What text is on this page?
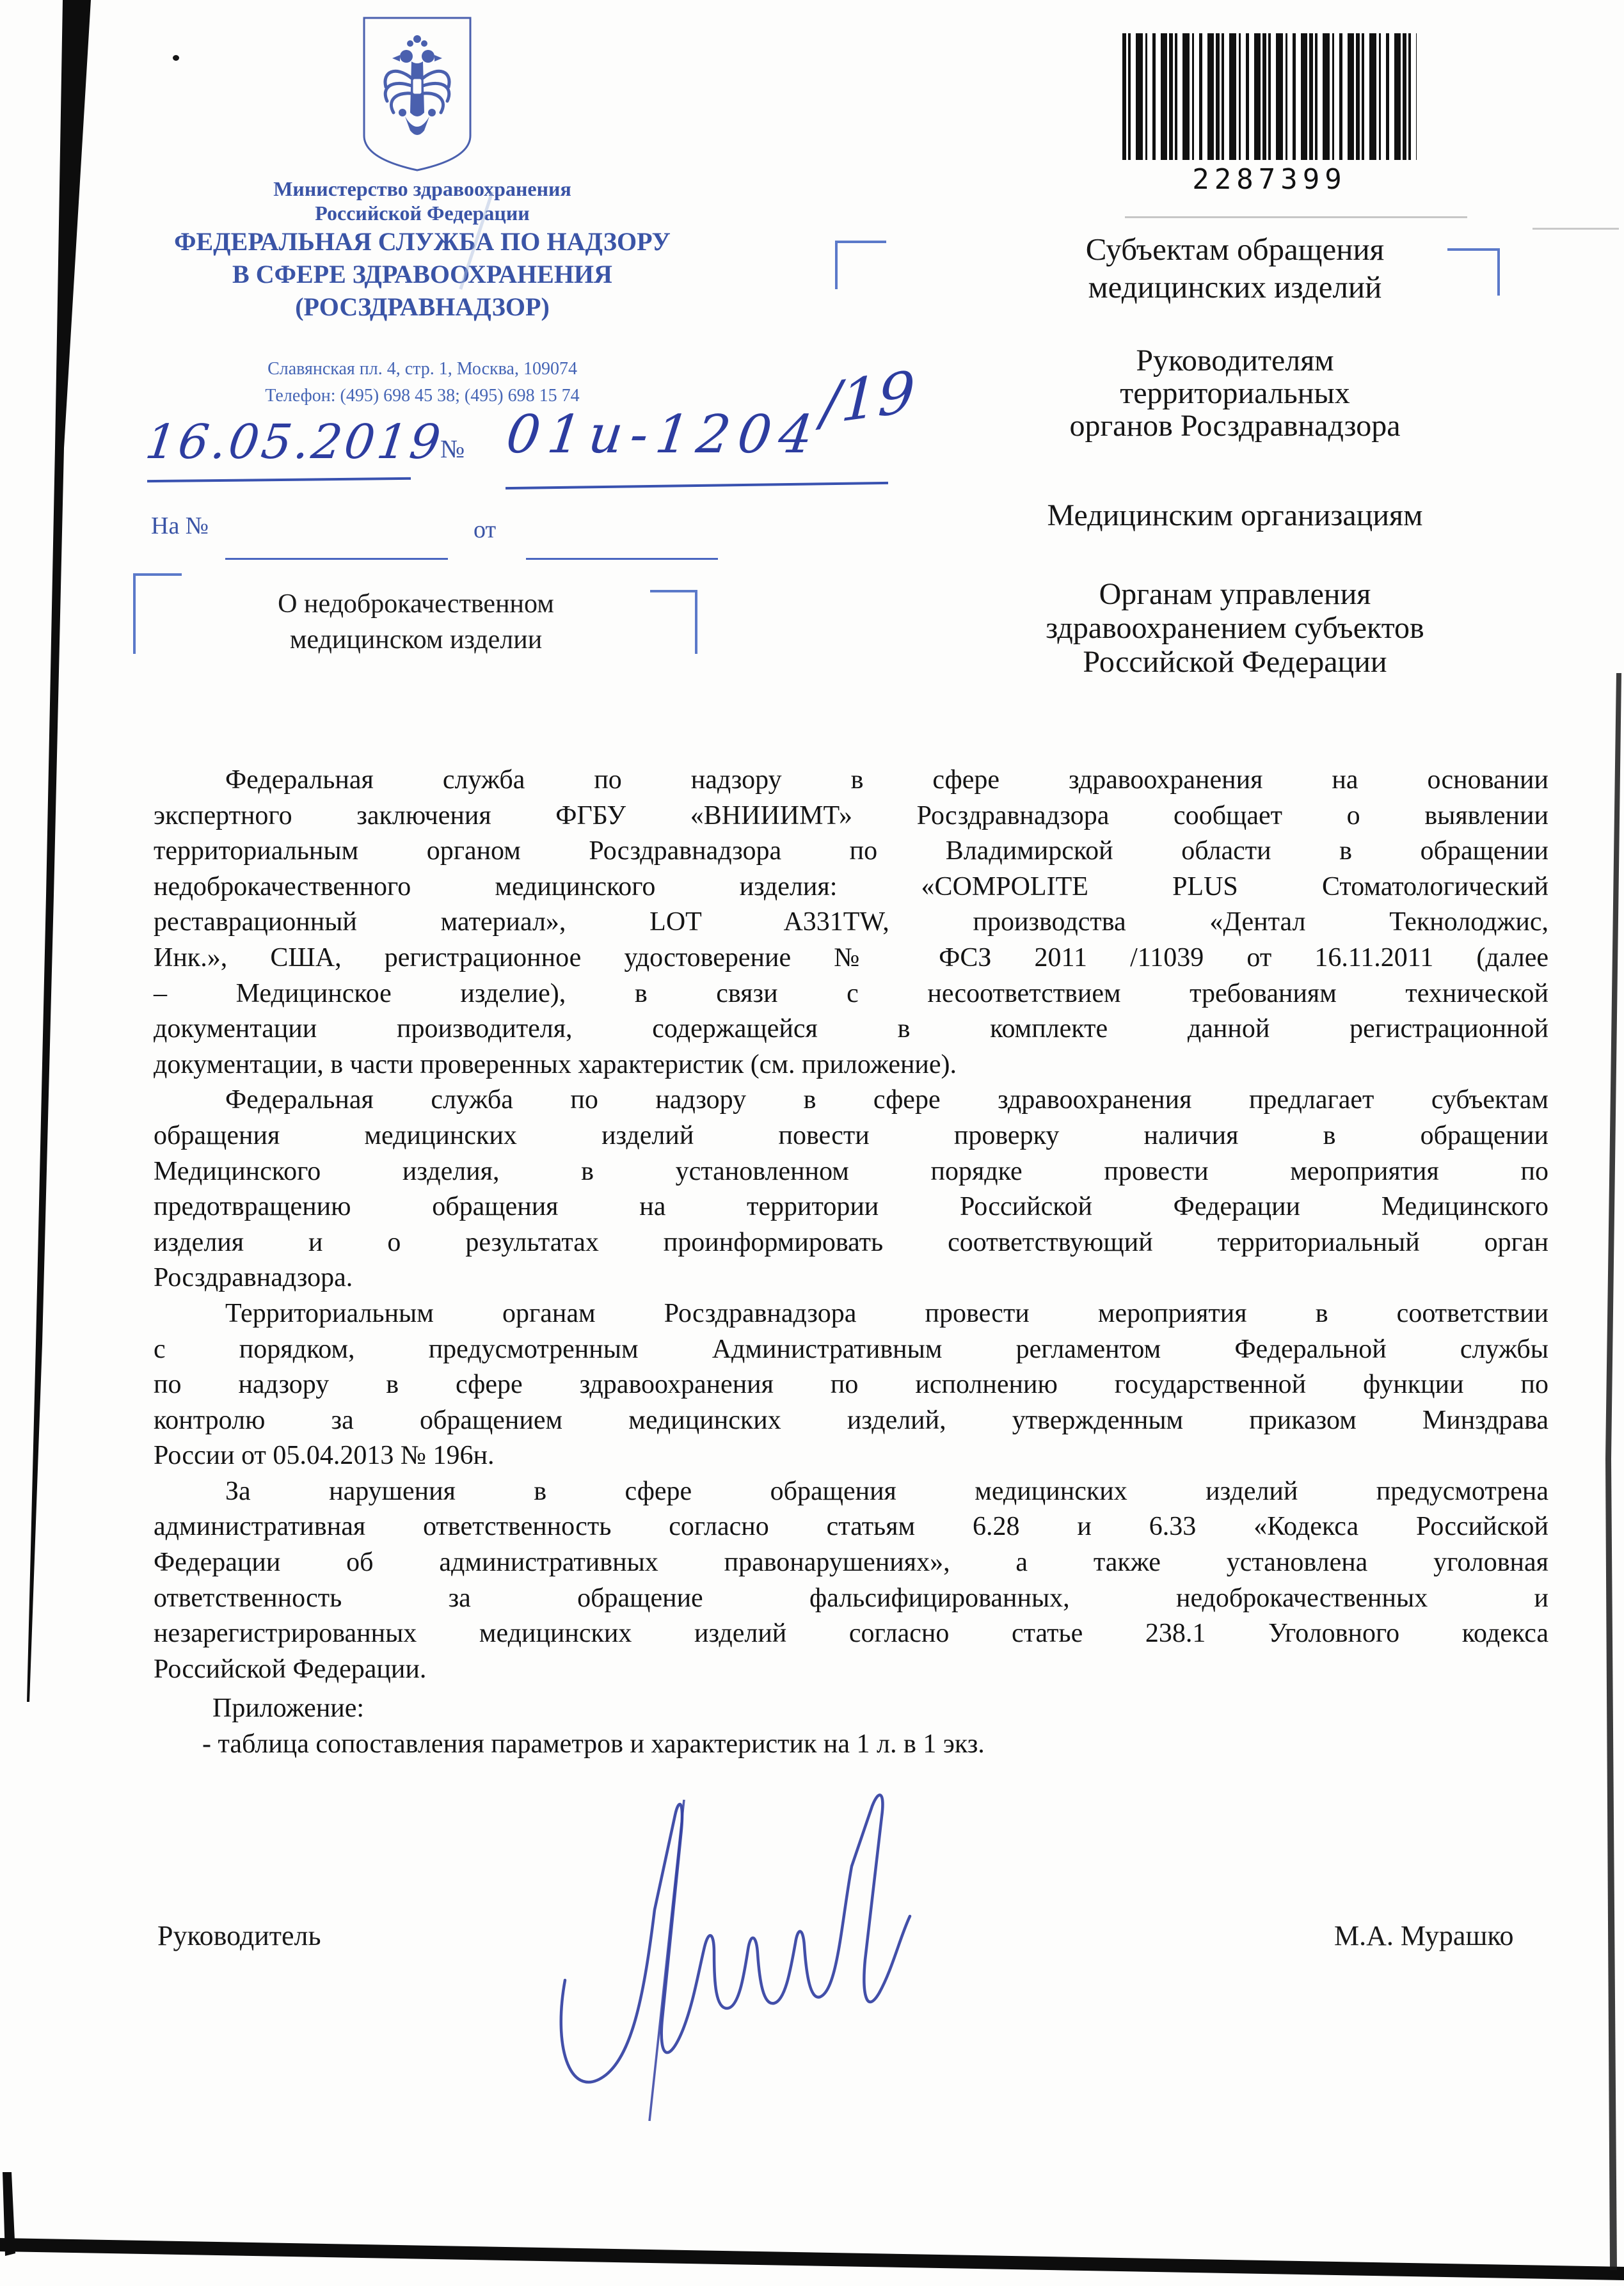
Министерство здравоохранения
Российской Федерации
ФЕДЕРАЛЬНАЯ СЛУЖБА ПО НАДЗОРУ
В СФЕРЕ ЗДРАВООХРАНЕНИЯ
(РОСЗДРАВНАДЗОР)
Славянская пл. 4, стр. 1, Москва, 109074
Телефон: (495) 698 45 38; (495) 698 15 74
2287399
16.05.2019
№ 01и-1204
/19
На №	от
О недоброкачественном
медицинском изделии
Субъектам обращения
медицинских изделий
Руководителям
территориальных
органов Росздравнадзора
Медицинским организациям
Органам управления
здравоохранением субъектов
Российской Федерации
Федеральная служба по надзору в сфере здравоохранения на основании
экспертного заключения ФГБУ «ВНИИИМТ» Росздравнадзора сообщает о выявлении
территориальным органом Росздравнадзора по Владимирской области в обращении
недоброкачественного медицинского изделия: «COMPOLITE PLUS Стоматологический
реставрационный материал», LOT A331TW, производства «Дентал Текнолоджис,
Инк.», США, регистрационное удостоверение № ФСЗ 2011 /11039 от 16.11.2011 (далее
– Медицинское изделие), в связи с несоответствием требованиям технической
документации производителя, содержащейся в комплекте данной регистрационной
документации, в части проверенных характеристик (см. приложение).
Федеральная служба по надзору в сфере здравоохранения предлагает субъектам
обращения медицинских изделий повести проверку наличия в обращении
Медицинского изделия, в установленном порядке провести мероприятия по
предотвращению обращения на территории Российской Федерации Медицинского
изделия и о результатах проинформировать соответствующий территориальный орган
Росздравнадзора.
Территориальным органам Росздравнадзора провести мероприятия в соответствии
с порядком, предусмотренным Административным регламентом Федеральной службы
по надзору в сфере здравоохранения по исполнению государственной функции по
контролю за обращением медицинских изделий, утвержденным приказом Минздрава
России от 05.04.2013 № 196н.
За нарушения в сфере обращения медицинских изделий предусмотрена
административная ответственность согласно статьям 6.28 и 6.33 «Кодекса Российской
Федерации об административных правонарушениях», а также установлена уголовная
ответственность за обращение фальсифицированных, недоброкачественных и
незарегистрированных медицинских изделий согласно статье 238.1 Уголовного кодекса
Российской Федерации.
Приложение:
- таблица сопоставления параметров и характеристик на 1 л. в 1 экз.
Руководитель	М.А. Мурашко
